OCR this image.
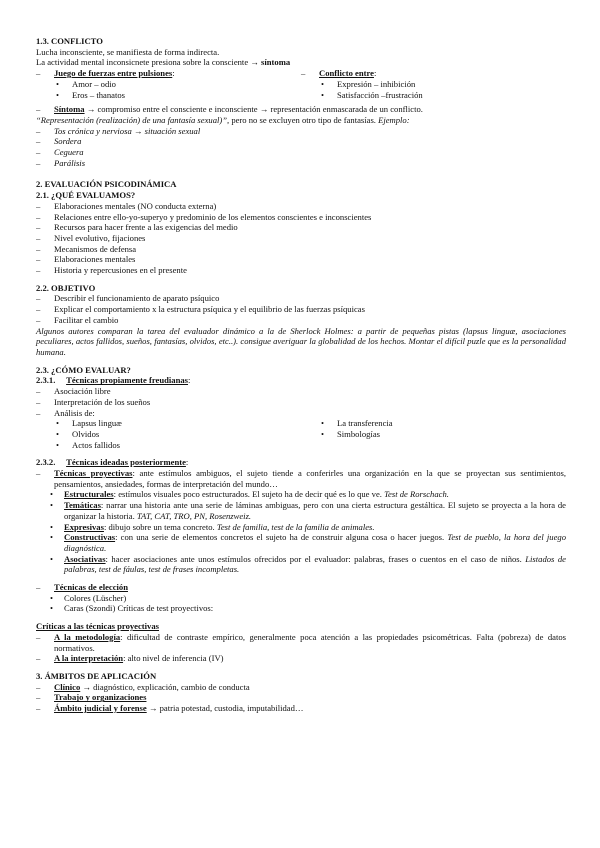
1.3. CONFLICTO
Lucha inconsciente, se manifiesta de forma indirecta.
La actividad mental inconsicnete presiona sobre la consciente → síntoma
– Juego de fuerzas entre pulsiones:
• Amor – odio
• Eros – thanatos
– Conflicto entre:
• Expresión – inhibición
• Satisfacción –frustración
– Síntoma → compromiso entre el consciente e inconsciente → representación enmascarada de un conflicto.
“Representación (realización) de una fantasía sexual)”, pero no se excluyen otro tipo de fantasías. Ejemplo:
– Tos crónica y nerviosa → situación sexual
– Sordera
– Ceguera
– Parálisis
2. EVALUACIÓN PSICODINÁMICA
2.1. ¿QUÉ EVALUAMOS?
– Elaboraciones mentales (NO conducta externa)
– Relaciones entre ello-yo-superyo y predominio de los elementos conscientes e inconscientes
– Recursos para hacer frente a las exigencias del medio
– Nivel evolutivo, fijaciones
– Mecanismos de defensa
– Elaboraciones mentales
– Historia y repercusiones en el presente
2.2. OBJETIVO
– Describir el funcionamiento de aparato psíquico
– Explicar el comportamiento x la estructura psíquica y el equilibrio de las fuerzas psíquicas
– Facilitar el cambio
Algunos autores comparan la tarea del evaluador dinámico a la de Sherlock Holmes: a partir de pequeñas pistas (lapsus linguæ, asociaciones peculiares, actos fallidos, sueños, fantasías, olvidos, etc..). consigue averiguar la globalidad de los hechos. Montar el difícil puzle que es la personalidad humana.
2.3. ¿CÓMO EVALUAR?
2.3.1. Técnicas propiamente freudianas:
– Asociación libre
– Interpretación de los sueños
– Análisis de:
• Lapsus linguæ
• Olvidos
• Actos fallidos
• La transferencia
• Simbologías
2.3.2. Técnicas ideadas posteriormente:
– Técnicas proyectivas: ante estímulos ambiguos, el sujeto tiende a conferirles una organización en la que se proyectan sus sentimientos, pensamientos, ansiedades, formas de interpretación del mundo…
• Estructurales: estímulos visuales poco estructurados. El sujeto ha de decir qué es lo que ve. Test de Rorschach.
• Temáticas: narrar una historia ante una serie de láminas ambiguas, pero con una cierta estructura gestáltica. El sujeto se proyecta a la hora de organizar la historia. TAT, CAT, TRO, PN, Rosenzweiz.
• Expresivas: dibujo sobre un tema concreto. Test de familia, test de la familia de animales.
• Constructivas: con una serie de elementos concretos el sujeto ha de construir alguna cosa o hacer juegos. Test de pueblo, la hora del juego diagnóstica.
• Asociativas: hacer asociaciones ante unos estímulos ofrecidos por el evaluador: palabras, frases o cuentos en el caso de niños. Listados de palabras, test de fáulas, test de frases incompletas.
– Técnicas de elección
• Colores (Lüscher)
• Caras (Szondi) Críticas de test proyectivos:
Críticas a las técnicas proyectivas
– A la metodología: dificultad de contraste empírico, generalmente poca atención a las propiedades psicométricas. Falta (pobreza) de datos normativos.
– A la interpretación: alto nivel de inferencia (IV)
3. ÁMBITOS DE APLICACIÓN
– Clínico → diagnóstico, explicación, cambio de conducta
– Trabajo y organizaciones
– Ámbito judicial y forense → patria potestad, custodia, imputabilidad…
